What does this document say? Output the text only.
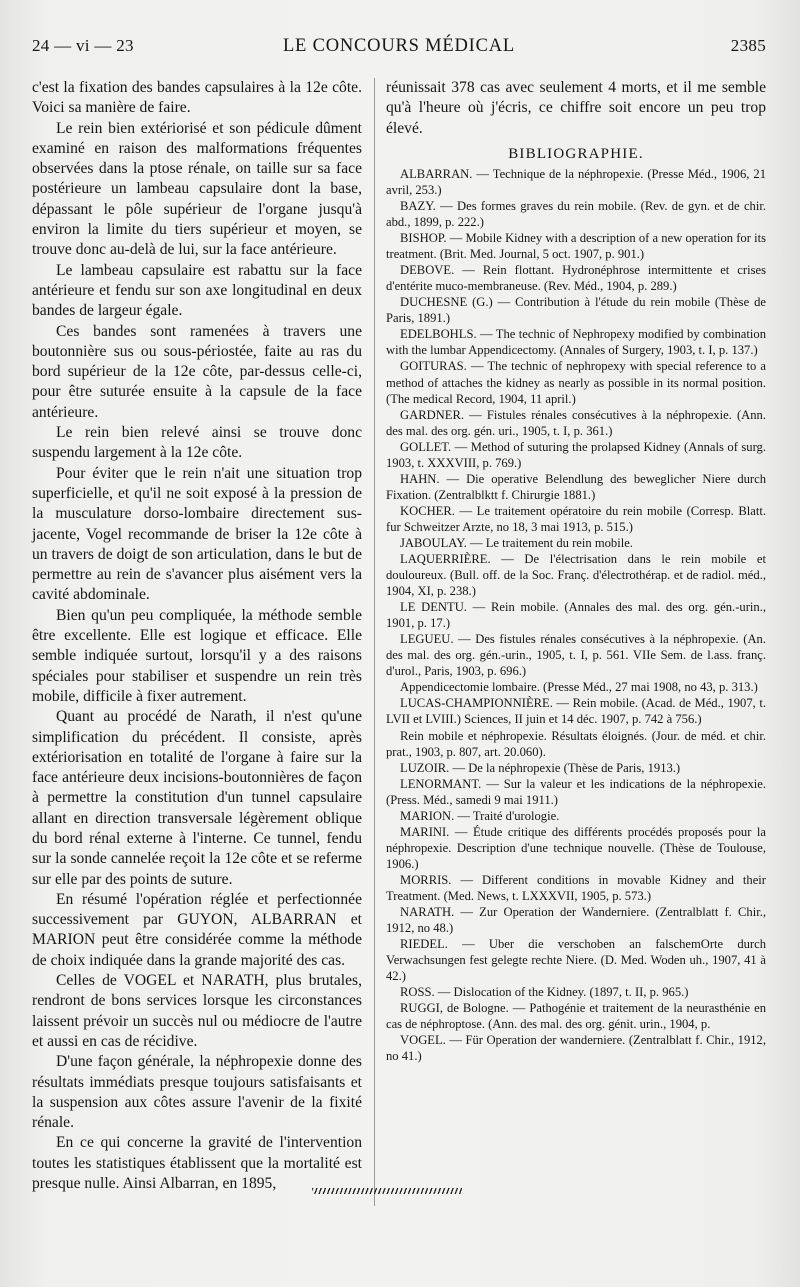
24 — vi — 23	LE CONCOURS MÉDICAL	2385

c'est la fixation des bandes capsulaires à la 12e côte. Voici sa manière de faire.

Le rein bien extériorisé et son pédicule dûment examiné en raison des malformations fréquentes observées dans la ptose rénale, on taille sur sa face postérieure un lambeau capsulaire dont la base, dépassant le pôle supérieur de l'organe jusqu'à environ la limite du tiers supérieur et moyen, se trouve donc au-delà de lui, sur la face antérieure.

Le lambeau capsulaire est rabattu sur la face antérieure et fendu sur son axe longitudinal en deux bandes de largeur égale.

Ces bandes sont ramenées à travers une boutonnière sus ou sous-périostée, faite au ras du bord supérieur de la 12e côte, par-dessus celle-ci, pour être suturée ensuite à la capsule de la face antérieure.

Le rein bien relevé ainsi se trouve donc suspendu largement à la 12e côte.

Pour éviter que le rein n'ait une situation trop superficielle, et qu'il ne soit exposé à la pression de la musculature dorso-lombaire directement sus-jacente, Vogel recommande de briser la 12e côte à un travers de doigt de son articulation, dans le but de permettre au rein de s'avancer plus aisément vers la cavité abdominale.

Bien qu'un peu compliquée, la méthode semble être excellente. Elle est logique et efficace. Elle semble indiquée surtout, lorsqu'il y a des raisons spéciales pour stabiliser et suspendre un rein très mobile, difficile à fixer autrement.

Quant au procédé de Narath, il n'est qu'une simplification du précédent. Il consiste, après extériorisation en totalité de l'organe à faire sur la face antérieure deux incisions-boutonnières de façon à permettre la constitution d'un tunnel capsulaire allant en direction transversale légèrement oblique du bord rénal externe à l'interne. Ce tunnel, fendu sur la sonde cannelée reçoit la 12e côte et se referme sur elle par des points de suture.

En résumé l'opération réglée et perfectionnée successivement par GUYON, ALBARRAN et MARION peut être considérée comme la méthode de choix indiquée dans la grande majorité des cas.

Celles de VOGEL et NARATH, plus brutales, rendront de bons services lorsque les circonstances laissent prévoir un succès nul ou médiocre de l'autre et aussi en cas de récidive.

D'une façon générale, la néphropexie donne des résultats immédiats presque toujours satisfaisants et la suspension aux côtes assure l'avenir de la fixité rénale.

En ce qui concerne la gravité de l'intervention toutes les statistiques établissent que la mortalité est presque nulle. Ainsi Albarran, en 1895,

réunissait 378 cas avec seulement 4 morts, et il me semble qu'à l'heure où j'écris, ce chiffre soit encore un peu trop élevé.

BIBLIOGRAPHIE.

ALBARRAN. — Technique de la néphropexie. (Presse Méd., 1906, 21 avril, 253.)

BAZY. — Des formes graves du rein mobile. (Rev. de gyn. et de chir. abd., 1899, p. 222.)

BISHOP. — Mobile Kidney with a description of a new operation for its treatment. (Brit. Med. Journal, 5 oct. 1907, p. 901.)

DEBOVE. — Rein flottant. Hydronéphrose intermittente et crises d'entérite muco-membraneuse. (Rev. Méd., 1904, p. 289.)

DUCHESNE (G.) — Contribution à l'étude du rein mobile (Thèse de Paris, 1891.)

EDELBOHLS. — The technic of Nephropexy modified by combination with the lumbar Appendicectomy. (Annales of Surgery, 1903, t. I, p. 137.)

GOITURAS. — The technic of nephropexy with special reference to a method of attaches the kidney as nearly as possible in its normal position. (The medical Record, 1904, 11 april.)

GARDNER. — Fistules rénales consécutives à la néphropexie. (Ann. des mal. des org. gén. uri., 1905, t. I, p. 361.)

GOLLET. — Method of suturing the prolapsed Kidney (Annals of surg. 1903, t. XXXVIII, p. 769.)

HAHN. — Die operative Belendlung des beweglicher Niere durch Fixation. (Zentralblktt f. Chirurgie 1881.)

KOCHER. — Le traitement opératoire du rein mobile (Corresp. Blatt. fur Schweitzer Arzte, no 18, 3 mai 1913, p. 515.)

JABOULAY. — Le traitement du rein mobile.

LAQUERRIÈRE. — De l'électrisation dans le rein mobile et douloureux. (Bull. off. de la Soc. Franç. d'électrothérap. et de radiol. méd., 1904, XI, p. 238.)

LE DENTU. — Rein mobile. (Annales des mal. des org. gén.-urin., 1901, p. 17.)

LEGUEU. — Des fistules rénales consécutives à la néphropexie. (An. des mal. des org. gén.-urin., 1905, t. I, p. 561. VIIe Sem. de l.ass. franç. d'urol., Paris, 1903, p. 696.)

Appendicectomie lombaire. (Presse Méd., 27 mai 1908, no 43, p. 313.)

LUCAS-CHAMPIONNIÈRE. — Rein mobile. (Acad. de Méd., 1907, t. LVII et LVIII.) Sciences, II juin et 14 déc. 1907, p. 742 à 756.)

Rein mobile et néphropexie. Résultats éloignés. (Jour. de méd. et chir. prat., 1903, p. 807, art. 20.060).

LUZOIR. — De la néphropexie (Thèse de Paris, 1913.)

LENORMANT. — Sur la valeur et les indications de la néphropexie. (Press. Méd., samedi 9 mai 1911.)

MARION. — Traité d'urologie.

MARINI. — Étude critique des différents procédés proposés pour la néphropexie. Description d'une technique nouvelle. (Thèse de Toulouse, 1906.)

MORRIS. — Different conditions in movable Kidney and their Treatment. (Med. News, t. LXXXVII, 1905, p. 573.)

NARATH. — Zur Operation der Wanderniere. (Zentralblatt f. Chir., 1912, no 48.)

RIEDEL. — Uber die verschoben an falschemOrte durch Verwachsungen fest gelegte rechte Niere. (D. Med. Woden uh., 1907, 41 à 42.)

ROSS. — Dislocation of the Kidney. (1897, t. II, p. 965.)

RUGGI, de Bologne. — Pathogénie et traitement de la neurasthénie en cas de néphroptose. (Ann. des mal. des org. génit. urin., 1904, p.

VOGEL. — Für Operation der wanderniere. (Zentralblatt f. Chir., 1912, no 41.)
